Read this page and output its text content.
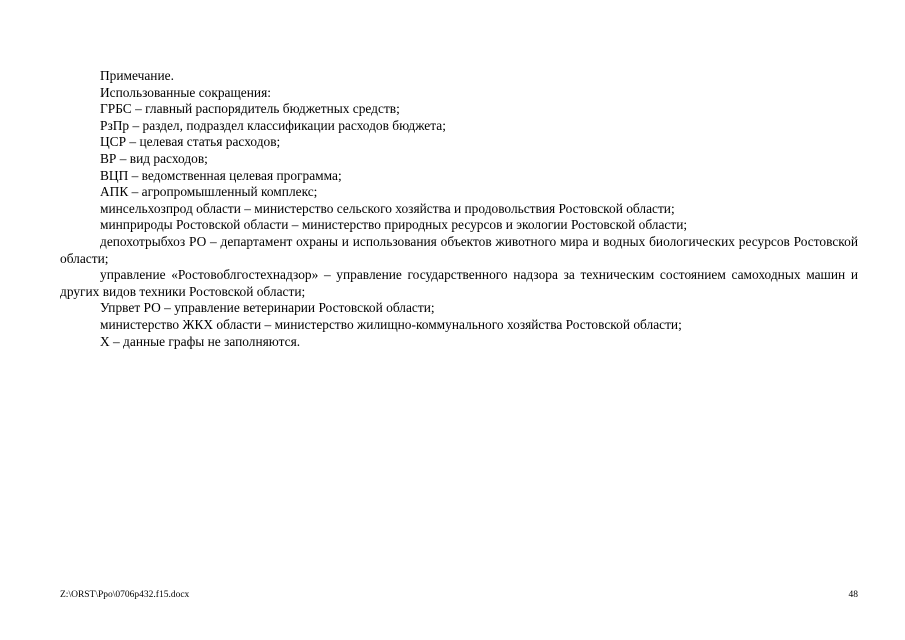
Примечание.

Использованные сокращения:

ГРБС – главный распорядитель бюджетных средств;

РзПр – раздел, подраздел классификации расходов бюджета;

ЦСР – целевая статья расходов;

ВР – вид расходов;

ВЦП – ведомственная целевая программа;

АПК – агропромышленный комплекс;

минсельхозпрод области – министерство сельского хозяйства и продовольствия Ростовской области;

минприроды Ростовской области – министерство природных ресурсов и экологии Ростовской области;

депохотрыбхоз РО – департамент охраны и использования объектов животного мира и водных биологических ресурсов Ростовской области;

управление «Ростовоблгостехнадзор» – управление государственного надзора за техническим состоянием самоходных машин и других видов техники Ростовской области;

Упрвет РО – управление ветеринарии Ростовской области;

министерство ЖКХ области – министерство жилищно-коммунального хозяйства Ростовской области;

Х – данные графы не заполняются.

Z:\ORST\Ppo\0706p432.f15.docx	48
